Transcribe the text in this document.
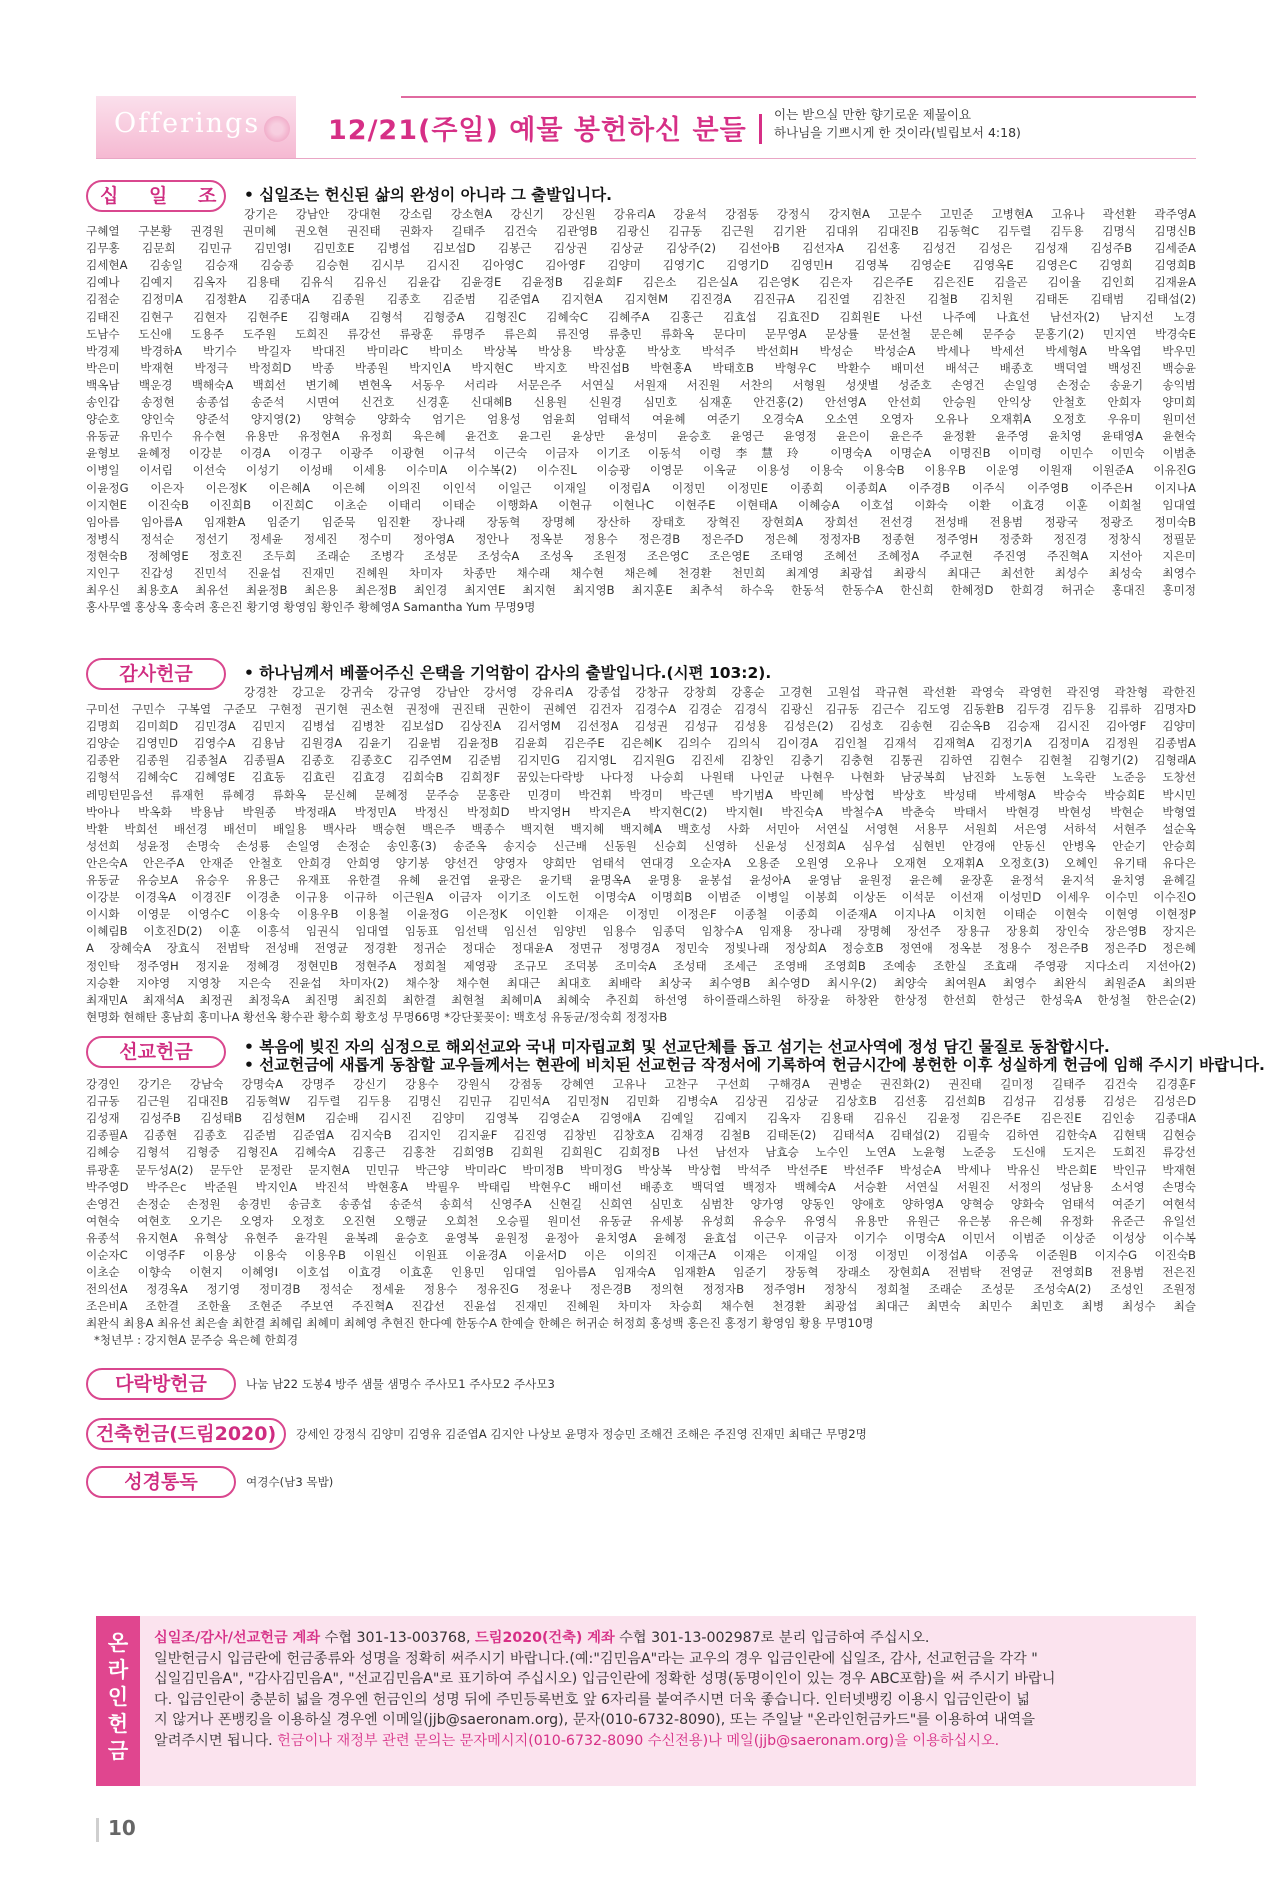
Offerings	12/21(주일) 예물 봉헌하신 분들
이는 받으실 만한 향기로운 제물이요
하나님을 기쁘시게 한 것이라(빌립보서 4:18)
십 일 조 • 십일조는 헌신된 삶의 완성이 아니라 그 출발입니다.
강기은 강남안 강대현 강소림 강소현A 강신기 강신원 강유리A 강윤석 강점동 강정식 강지현A 고문수 고민준 고병현A 고유나 곽선환 곽주영A
구혜열 구본황 권경원 권미혜 권오현 권진태 권화자 길태주 김건숙 김관영B 김광신 김규동 김근원 김기완 김대위 김대진B 김동혁C 김두렬 김두용 김명식 김명신B
김무홍 김문희 김민규 김민영I 김민호E 김병섭 김보섭D 김봉근 김상권 김상균 김상주(2) 김선아B 김선자A 김선홍 김성건 김성은 김성재 김성주B 김세준A
김세현A 김송일 김승재 김승종 김승현 김시부 김시진 김아영C 김아영F 김양미 김영기C 김영기D 김영민H 김영복 김영순E 김영옥E 김영은C 김영희 김영희B
김예나 김예지 김옥자 김용태 김유식 김유신 김윤갑 김윤경E 김윤정B 김윤희F 김은소 김은실A 김은영K 김은자 김은주E 김은진E 김을곤 김이율 김인희 김재윤A
김점순 김정미A 김정환A 김종대A 김종원 김종호 김준범 김준엽A 김지현A 김지현M 김진경A 김진규A 김진열 김찬진 김철B 김치원 김태돈 김태범 김태섭(2)
김태진 김현구 김현자 김현주E 김형래A 김형석 김형중A 김형진C 김혜숙C 김혜주A 김홍근 김효섭 김효진D 김희원E 나선 나주예 나효선 남선자(2) 남지선 노경
도남수 도신애 도용주 도주원 도희진 류강선 류광훈 류명주 류은희 류진영 류충민 류화옥 문다미 문무영A 문상률 문선철 문은혜 문주승 문홍기(2) 민지연 박경숙E
박경제 박경하A 박기수 박길자 박대진 박미라C 박미소 박상복 박상용 박상훈 박상호 박석주 박선희H 박성순 박성순A 박세나 박세선 박세형A 박옥엽 박우민
박은미 박재현 박정극 박정희D 박종 박종원 박지인A 박지현C 박지호 박진섭B 박현홍A 박태호B 박형우C 박환수 배미선 배석근 배종호 백덕열 백성진 백승윤
백옥남 백운경 백해숙A 백희선 변기혜 변현옥 서동우 서리라 서문은주 서연실 서원재 서진원 서찬의 서형원 성샛별 성준호 손영건 손일영 손정순 송윤기 송익범
송인갑 송정현 송종섭 송준석 시면여 신건호 신경훈 신대혜B 신용원 신원경 심민호 심재훈 안건홍(2) 안선영A 안선희 안승원 안익상 안철호 안희자 양미희
양순호 양인숙 양준석 양지영(2) 양혁승 양화숙 엄기은 엄용성 엄윤희 엄태석 여윤혜 여준기 오경숙A 오소연 오영자 오유나 오재휘A 오정호 우유미 원미선
유동균 유민수 유수현 유용만 유정현A 유정희 육은혜 윤건호 윤그린 윤상만 윤성미 윤승호 윤영근 윤영정 윤은이 윤은주 윤정환 윤주영 윤치영 윤태영A 윤현숙
윤형보 윤혜정 이강분 이경A 이경구 이광주 이광현 이규석 이근숙 이금자 이기조 이동석 이령李慧玲 이명숙A 이명순A 이명진B 이미령 이민수 이민숙 이범춘
이병일 이서림 이선숙 이성기 이성배 이세용 이수미A 이수복(2) 이수진L 이승광 이영문 이옥균 이용성 이용숙 이용숙B 이용우B 이운영 이원재 이원준A 이유진G
이윤정G 이은자 이은정K 이은혜A 이은혜 이의진 이인석 이일근 이재일 이정림A 이정민 이정민E 이종희 이종희A 이주경B 이주식 이주영B 이주은H 이지나A
이지현E 이진숙B 이진희B 이진희C 이초순 이태리 이태순 이행화A 이현규 이현나C 이현주E 이현태A 이혜승A 이호섭 이화숙 이환 이효경 이훈 이희철 임대열
임아름 임아름A 임재환A 임준기 임준묵 임진환 장나래 장동혁 장명혜 장산하 장태호 장혁진 장현희A 장희선 전선경 전성배 전용범 정광국 정광조 정미숙B
정병식 정석순 정선기 정세윤 정세진 정수미 정아영A 정안나 정옥분 정용수 정은경B 정은주D 정은혜 정정자B 정종현 정주영H 정중화 정진경 정창식 정필문
정현숙B 정혜영E 정호진 조두희 조래순 조병각 조성문 조성숙A 조성옥 조원정 조은영C 조은영E 조태영 조혜선 조혜정A 주교현 주진영 주진혁A 지선아 지은미
지인구 진갑성 진민석 진윤섭 진재민 진혜원 차미자 차종만 채수래 채수현 채은혜 천경환 천민희 최계영 최광섭 최광식 최대근 최선한 최성수 최성숙 최영수
최우신 최용호A 최유선 최윤정B 최은용 최은정B 최인경 최지연E 최지현 최지영B 최지훈E 최추석 하수욱 한동석 한동수A 한신희 한혜정D 한희경 허귀순 홍대진 홍미정
홍사무엘 홍상옥 홍숙려 홍은진 황기영 황영임 황인주 황혜영A Samantha Yum 무명9명
감사헌금	• 하나님께서 베풀어주신 은택을 기억함이 감사의 출발입니다.(시편 103:2).
강경찬 강고운 강귀숙 강규영 강남안 강서영 강유리A 강종섭 강창규 강창희 강홍순 고경현 고원섭 곽규현 곽선환 곽영숙 곽영헌 곽진영 곽찬형 곽한진
구미선 구민수 구복열 구준모 구현정 권기현 권소현 권정애 권진태 권한이 권혜연 김건자 김경수A 김경순 김경식 김광신 김규동 김근수 김도영 김동환B 김두경 김두용 김류하 김명자D
김명희 김미희D 김민경A 김민지 김병섭 김병찬 김보섭D 김상진A 김서영M 김선정A 김성권 김성규 김성용 김성은(2) 김성호 김송현 김순옥B 김승재 김시진 김아영F 김양미
김양순 김영민D 김영수A 김용남 김원경A 김윤기 김윤범 김윤정B 김윤희 김은주E 김은혜K 김의수 김의식 김이경A 김인철 김재석 김재혁A 김정기A 김정미A 김정원 김종범A
김종완 김종원 김종철A 김종필A 김종호 김종호C 김주연M 김준범 김지민G 김지영L 김지원G 김진세 김창인 김충기 김충현 김통권 김하연 김현수 김현철 김형기(2) 김형래A
김형석 김혜숙C 김혜영E 김효동 김효린 김효경 김희숙B 김희정F 꿈있는다락방 나다정 나승희 나원태 나인균 나현우 나현화 남궁복희 남진화 노동현 노욱란 노준응 도창선
레밍턴믿음선 류재헌 류혜경 류화옥 문신혜 문혜정 문주승 문홍란 민경미 박건휘 박경미 박근덴 박기범A 박민혜 박상협 박상호 박성태 박세형A 박승숙 박승희E 박시민
박아나 박옥화 박용남 박원종 박정래A 박정민A 박정신 박정희D 박지영H 박지은A 박지현C(2) 박지현I 박진숙A 박철수A 박춘숙 박태서 박현경 박현성 박현순 박형열
박환 박희선 배선경 배선미 배일용 백사라 백승현 백은주 백종수 백지현 백지혜 백지혜A 백호성 사화 서민아 서연실 서영현 서용무 서원희 서은영 서하석 서현주 설순옥
성선희 성윤정 손명숙 손성룡 손일영 손정순 송인홍(3) 송준옥 송지승 신근배 신동원 신승희 신영하 신윤성 신정희A 심우섭 심현빈 안경애 안동신 안병옥 안순기 안승희
안은숙A 안은주A 안재준 안철호 안희경 안희영 양기봉 양선건 양영자 양희만 엄태석 연대경 오순자A 오용준 오원영 오유나 오재현 오재휘A 오정호(3) 오혜인 유기태 유다은
유동균 유승보A 유승우 유용근 유재표 유한결 유혜 윤건엽 윤광은 윤기택 윤명옥A 윤명용 윤봉섭 윤성아A 윤영남 윤원정 윤은혜 윤장훈 윤정석 윤지석 윤치영 윤혜길
이강분 이경옥A 이경진F 이경춘 이규용 이규하 이근원A 이금자 이기조 이도헌 이명숙A 이명희B 이범준 이병일 이봉희 이상돈 이석문 이선재 이성민D 이세우 이수민 이수진O
이시화 이영문 이영수C 이용숙 이용우B 이용철 이윤정G 이은정K 이인환 이재은 이정민 이정은F 이종철 이종희 이준재A 이지나A 이치헌 이태순 이현숙 이현영 이현정P
이혜림B 이호진D(2) 이훈 이흥석 임권식 임대열 임동표 임선택 임신선 임양빈 임용수 임종덕 임창수A 임재용 장나래 장명혜 장선주 장용규 장용희 장인숙 장은영B 장지은
A 장혜숙A 장효식 전범탁 전성배 전영균 정경환 정귀순 정대순 정대윤A 정면규 정명경A 정민숙 정빛나래 정상희A 정승호B 정연애 정옥분 정용수 정은주B 정은주D 정은혜
정인탁 정주영H 정지윤 정혜경 정현민B 정현주A 정희철 제영광 조규모 조덕봉 조미숙A 조성태 조세근 조영배 조영희B 조예송 조한실 조효래 주영광 지다소리 지선아(2)
지승환 지야영 지영창 지은숙 진윤섭 차미자(2) 채수창 채수현 최대근 최대호 최배락 최상국 최수영B 최수영D 최시우(2) 최양숙 최여원A 최영수 최완식 최원준A 최의판
최재민A 최재석A 최정권 최정욱A 최진명 최진희 최한결 최현철 최혜미A 최혜숙 추진희 하선영 하이플래스하원 하장윤 하창완 한상정 한선희 한성근 한성욱A 한성철 한은순(2)
현명화 현해탄 홍남희 홍미나A 황선옥 황수관 황수희 황호성 무명66명 *강단꽃꽂이: 백호성 유동균/정숙희 정정자B
선교헌금	• 복음에 빚진 자의 심정으로 해외선교와 국내 미자립교회 및 선교단체를 돕고 섬기는 선교사역에 정성 담긴 물질로 동참합시다.
• 선교헌금에 새롭게 동참할 교우들께서는 현관에 비치된 선교헌금 작정서에 기록하여 헌금시간에 봉헌한 이후 성실하게 헌금에 임해 주시기 바랍니다.
강경인 강기은 강남숙 강명숙A 강명주 강신기 강용수 강원식 강점동 강혜연 고유나 고찬구 구선희 구해경A 권병순 권진화(2) 권진태 길미정 길태주 김건숙 김경훈F
김규동 김근원 김대진B 김동혁W 김두렬 김두용 김명신 김민규 김민석A 김민정N 김민화 김병숙A 김상권 김상균 김상호B 김선홍 김선희B 김성규 김성룡 김성은 김성은D
김성재 김성주B 김성태B 김성현M 김순배 김시진 김양미 김영복 김영순A 김영애A 김예일 김예지 김옥자 김용태 김유신 김윤정 김은주E 김은진E 김인송 김종대A
김종필A 김종현 김종호 김준범 김준엽A 김지숙B 김지인 김지윤F 김진영 김창빈 김창호A 김채경 김철B 김태돈(2) 김태석A 김태섭(2) 김필숙 김하연 김한숙A 김현택 김현승
김혜승 김형석 김형중 김형진A 김혜숙A 김홍근 김홍찬 김희영B 김희원 김희원C 김희정B 나선 남선자 남효승 노수인 노연A 노윤형 노준응 도신애 도지은 도희진 류강선
류광훈 문두성A(2) 문두안 문정란 문지현A 민민규 박근양 박미라C 박미정B 박미정G 박상복 박상협 박석주 박선주E 박선주F 박성순A 박세나 박유신 박은희E 박인규 박재현
박주영D 박주은c 박준원 박지인A 박진석 박현홍A 박필우 박태림 박현우C 배미선 배종호 백덕열 백정자 백혜숙A 서승환 서연실 서원진 서정의 성남용 소서영 손명숙
손영건 손정순 손정원 송경빈 송금호 송종섭 송준석 송희석 신영주A 신현길 신희연 심민호 심범찬 양가영 양동인 양애호 양하영A 양혁승 양화숙 엄태석 여준기 여현석
여현숙 여현호 오기은 오영자 오정호 오진현 오행균 오희천 오승필 원미선 유동균 유세봉 유성희 유승우 유영식 유용만 유원근 유은봉 유은혜 유정화 유준근 유일선
유종석 유지현A 유혁상 유현주 윤각원 윤복례 윤승호 윤영복 윤원정 윤정아 윤치영A 윤혜정 윤효섭 이근우 이금자 이기수 이명숙A 이민서 이범준 이상준 이성상 이수복
이순자C 이영주F 이용상 이용숙 이용우B 이원신 이원표 이윤경A 이윤서D 이은 이의진 이재근A 이재은 이재일 이정 이정민 이정섭A 이종욱 이준원B 이지수G 이진숙B
이초순 이향숙 이현지 이혜영I 이호섭 이효경 이효훈 인용민 임대열 임아름A 임재숙A 임재환A 임준기 장동혁 장래소 장현희A 전범탁 전영균 전영희B 전용범 전은진
전의선A 정경옥A 정기영 정미경B 정석순 정세윤 정용수 정유진G 정윤나 정은경B 정의현 정정자B 정주영H 정창식 정희철 조래순 조성문 조성숙A(2) 조성인 조원정
조은비A 조한결 조한율 조현준 주보연 주진혁A 진갑선 진윤섭 진재민 진혜원 차미자 차승희 채수현 천경환 최광섭 최대근 최면숙 최민수 최민호 최병 최성수 최슬
최완식 최용A 최유선 최은솔 최한결 최혜림 최혜미 최혜영 추현진 한다예 한동수A 한예슬 한혜은 허귀순 허정희 홍성백 홍은진 홍정기 황영임 황용 무명10명
*청년부 : 강지현A 문주승 육은혜 한희경
다락방헌금	나눔 남22 도봉4 방주 샘물 샘명수 주사모1 주사모2 주사모3
건축헌금(드림2020)	강세인 강정식 김양미 김영유 김준엽A 김지안 나상보 윤명자 정승민 조해건 조해은 주진영 진재민 최태근 무명2명
성경통독	여경수(남3 목밥)
온
라
인
헌
금
십일조/감사/선교헌금 계좌 수협 301-13-003768, 드림2020(건축) 계좌 수협 301-13-002987로 분리 입금하여 주십시오.
일반헌금시 입금란에 헌금종류와 성명을 정확히 써주시기 바랍니다.(예:"김민음A"라는 교우의 경우 입금인란에 십일조, 감사, 선교헌금을 각각 "
십일김민음A", "감사김민음A", "선교김민음A"로 표기하여 주십시오) 입금인란에 정확한 성명(동명이인이 있는 경우 ABC포함)을 써 주시기 바랍니
다. 입금인란이 충분히 넓을 경우엔 헌금인의 성명 뒤에 주민등록번호 앞 6자리를 붙여주시면 더욱 좋습니다. 인터넷뱅킹 이용시 입금인란이 넓
지 않거나 폰뱅킹을 이용하실 경우엔 이메일(jjb@saeronam.org), 문자(010-6732-8090), 또는 주일날 "온라인헌금카드"를 이용하여 내역을
알려주시면 됩니다. 헌금이나 재정부 관련 문의는 문자메시지(010-6732-8090 수신전용)나 메일(jjb@saeronam.org)을 이용하십시오.
10
